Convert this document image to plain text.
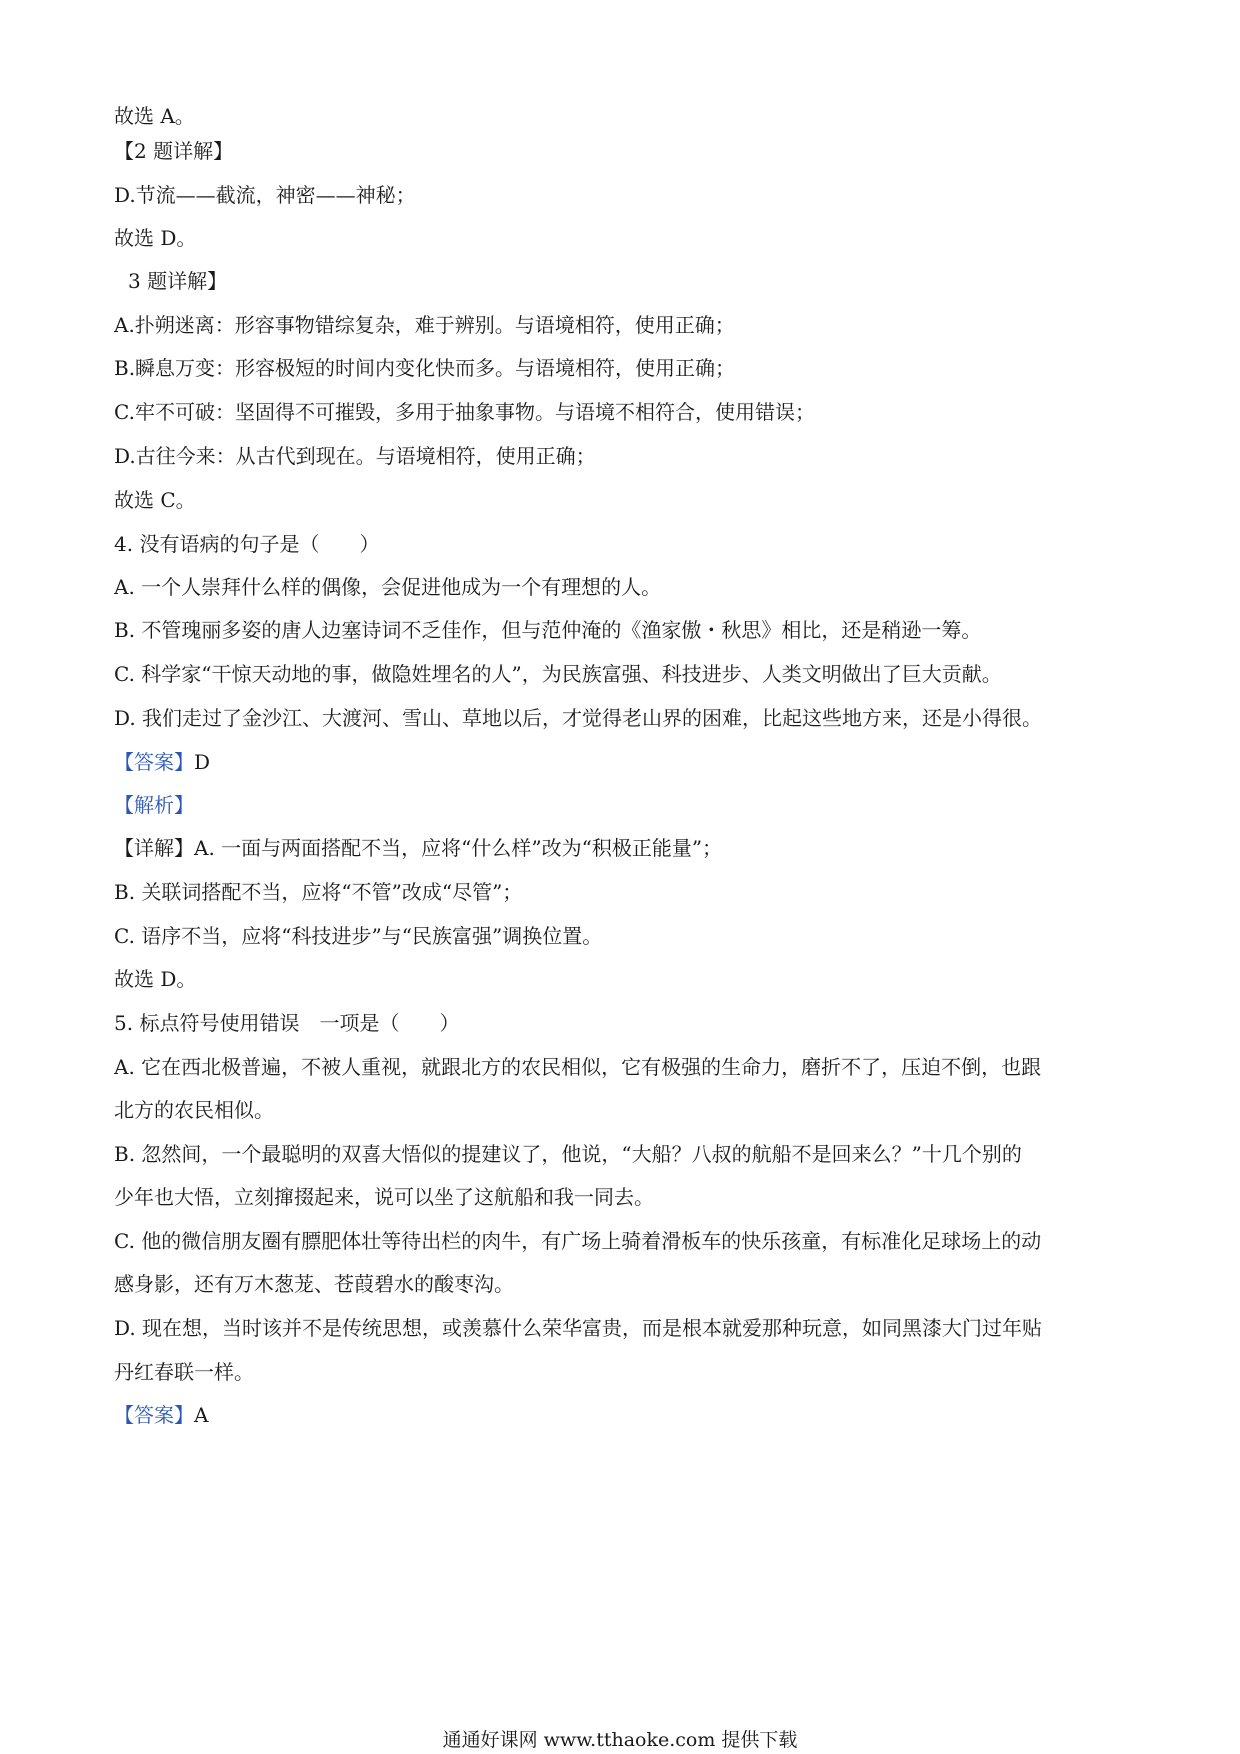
故选 A。
【2 题详解】
D.节流——截流，神密——神秘；
故选 D。
3 题详解】
A.扑朔迷离：形容事物错综复杂，难于辨别。与语境相符，使用正确；
B.瞬息万变：形容极短的时间内变化快而多。与语境相符，使用正确；
C.牢不可破：坚固得不可摧毁，多用于抽象事物。与语境不相符合，使用错误；
D.古往今来：从古代到现在。与语境相符，使用正确；
故选 C。
4. 没有语病的句子是（　　）
A. 一个人崇拜什么样的偶像，会促进他成为一个有理想的人。
B. 不管瑰丽多姿的唐人边塞诗词不乏佳作，但与范仲淹的《渔家傲・秋思》相比，还是稍逊一筹。
C. 科学家“干惊天动地的事，做隐姓埋名的人”，为民族富强、科技进步、人类文明做出了巨大贡献。
D. 我们走过了金沙江、大渡河、雪山、草地以后，才觉得老山界的困难，比起这些地方来，还是小得很。
【答案】D
【解析】
【详解】A. 一面与两面搭配不当，应将“什么样”改为“积极正能量”；
B. 关联词搭配不当，应将“不管”改成“尽管”；
C. 语序不当，应将“科技进步”与“民族富强”调换位置。
故选 D。
5. 标点符号使用错误　一项是（　　）
A. 它在西北极普遍，不被人重视，就跟北方的农民相似，它有极强的生命力，磨折不了，压迫不倒，也跟
北方的农民相似。
B. 忽然间，一个最聪明的双喜大悟似的提建议了，他说，“大船？八叔的航船不是回来么？”十几个别的
少年也大悟，立刻撺掇起来，说可以坐了这航船和我一同去。
C. 他的微信朋友圈有膘肥体壮等待出栏的肉牛，有广场上骑着滑板车的快乐孩童，有标准化足球场上的动
感身影，还有万木葱茏、苍葭碧水的酸枣沟。
D. 现在想，当时该并不是传统思想，或羡慕什么荣华富贵，而是根本就爱那种玩意，如同黑漆大门过年贴
丹红春联一样。
【答案】A
通通好课网 www.tthaoke.com 提供下载
